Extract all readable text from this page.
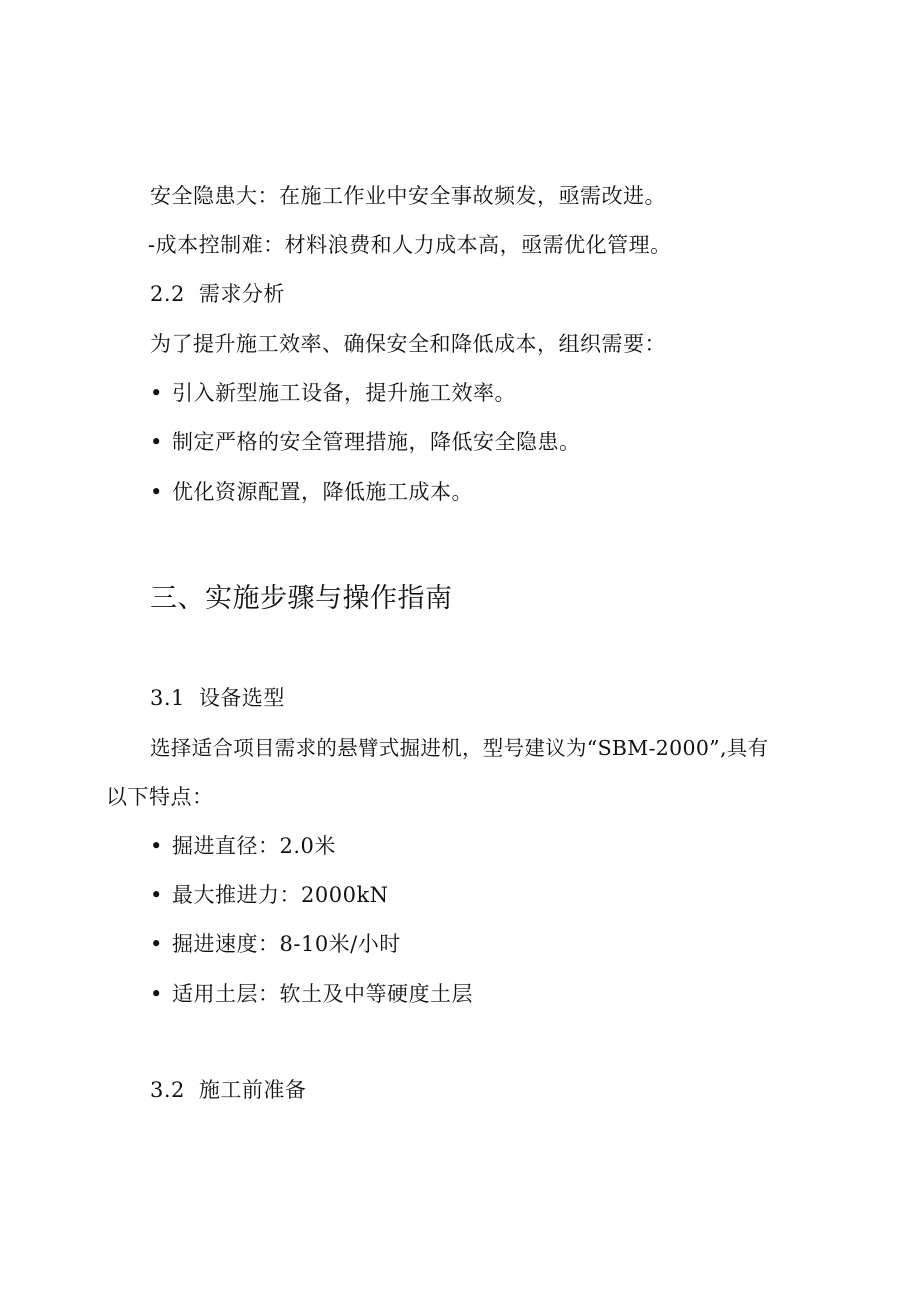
安全隐患大：在施工作业中安全事故频发，亟需改进。
-成本控制难：材料浪费和人力成本高，亟需优化管理。
2.2 需求分析
为了提升施工效率、确保安全和降低成本，组织需要：
• 引入新型施工设备，提升施工效率。
• 制定严格的安全管理措施，降低安全隐患。
• 优化资源配置，降低施工成本。
三、实施步骤与操作指南
3.1 设备选型
选择适合项目需求的悬臂式掘进机，型号建议为“SBM-2000”,具有
以下特点：
• 掘进直径：2.0米
• 最大推进力：2000kN
• 掘进速度：8-10米/小时
• 适用土层：软土及中等硬度土层
3.2 施工前准备
